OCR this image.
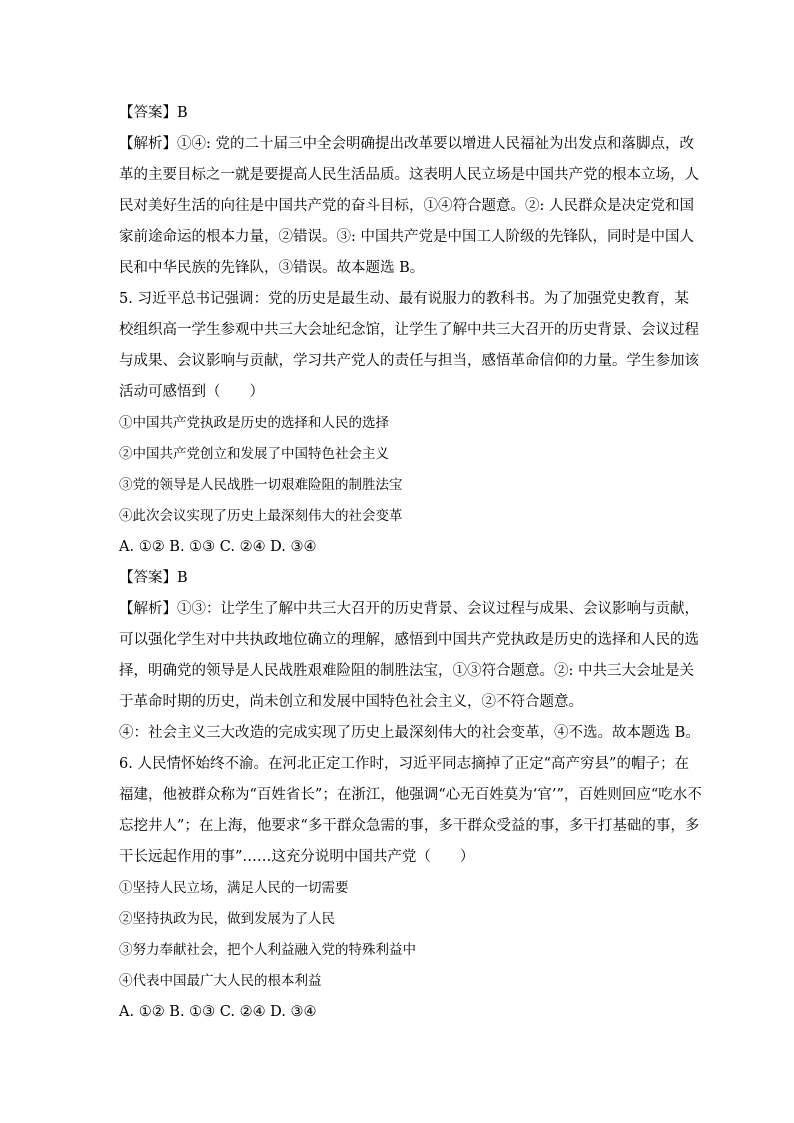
【答案】B
【解析】①④: 党的二十届三中全会明确提出改革要以增进人民福祉为出发点和落脚点，改
革的主要目标之一就是要提高人民生活品质。这表明人民立场是中国共产党的根本立场，人
民对美好生活的向往是中国共产党的奋斗目标，①④符合题意。②: 人民群众是决定党和国
家前途命运的根本力量，②错误。③: 中国共产党是中国工人阶级的先锋队，同时是中国人
民和中华民族的先锋队，③错误。故本题选 B。
5. 习近平总书记强调：党的历史是最生动、最有说服力的教科书。为了加强党史教育，某
校组织高一学生参观中共三大会址纪念馆，让学生了解中共三大召开的历史背景、会议过程
与成果、会议影响与贡献，学习共产党人的责任与担当，感悟革命信仰的力量。学生参加该
活动可感悟到（　　）
①中国共产党执政是历史的选择和人民的选择
②中国共产党创立和发展了中国特色社会主义
③党的领导是人民战胜一切艰难险阻的制胜法宝
④此次会议实现了历史上最深刻伟大的社会变革
A. ①② B. ①③ C. ②④ D. ③④
【答案】B
【解析】①③：让学生了解中共三大召开的历史背景、会议过程与成果、会议影响与贡献，
可以强化学生对中共执政地位确立的理解，感悟到中国共产党执政是历史的选择和人民的选
择，明确党的领导是人民战胜艰难险阻的制胜法宝，①③符合题意。②: 中共三大会址是关
于革命时期的历史，尚未创立和发展中国特色社会主义，②不符合题意。
④：社会主义三大改造的完成实现了历史上最深刻伟大的社会变革，④不选。故本题选 B。
6. 人民情怀始终不渝。在河北正定工作时，习近平同志摘掉了正定“高产穷县”的帽子；在
福建，他被群众称为“百姓省长”；在浙江，他强调“心无百姓莫为‘官’”，百姓则回应“吃水不
忘挖井人”；在上海，他要求“多干群众急需的事，多干群众受益的事，多干打基础的事，多
干长远起作用的事”……这充分说明中国共产党（　　）
①坚持人民立场，满足人民的一切需要
②坚持执政为民，做到发展为了人民
③努力奉献社会，把个人利益融入党的特殊利益中
④代表中国最广大人民的根本利益
A. ①② B. ①③ C. ②④ D. ③④
